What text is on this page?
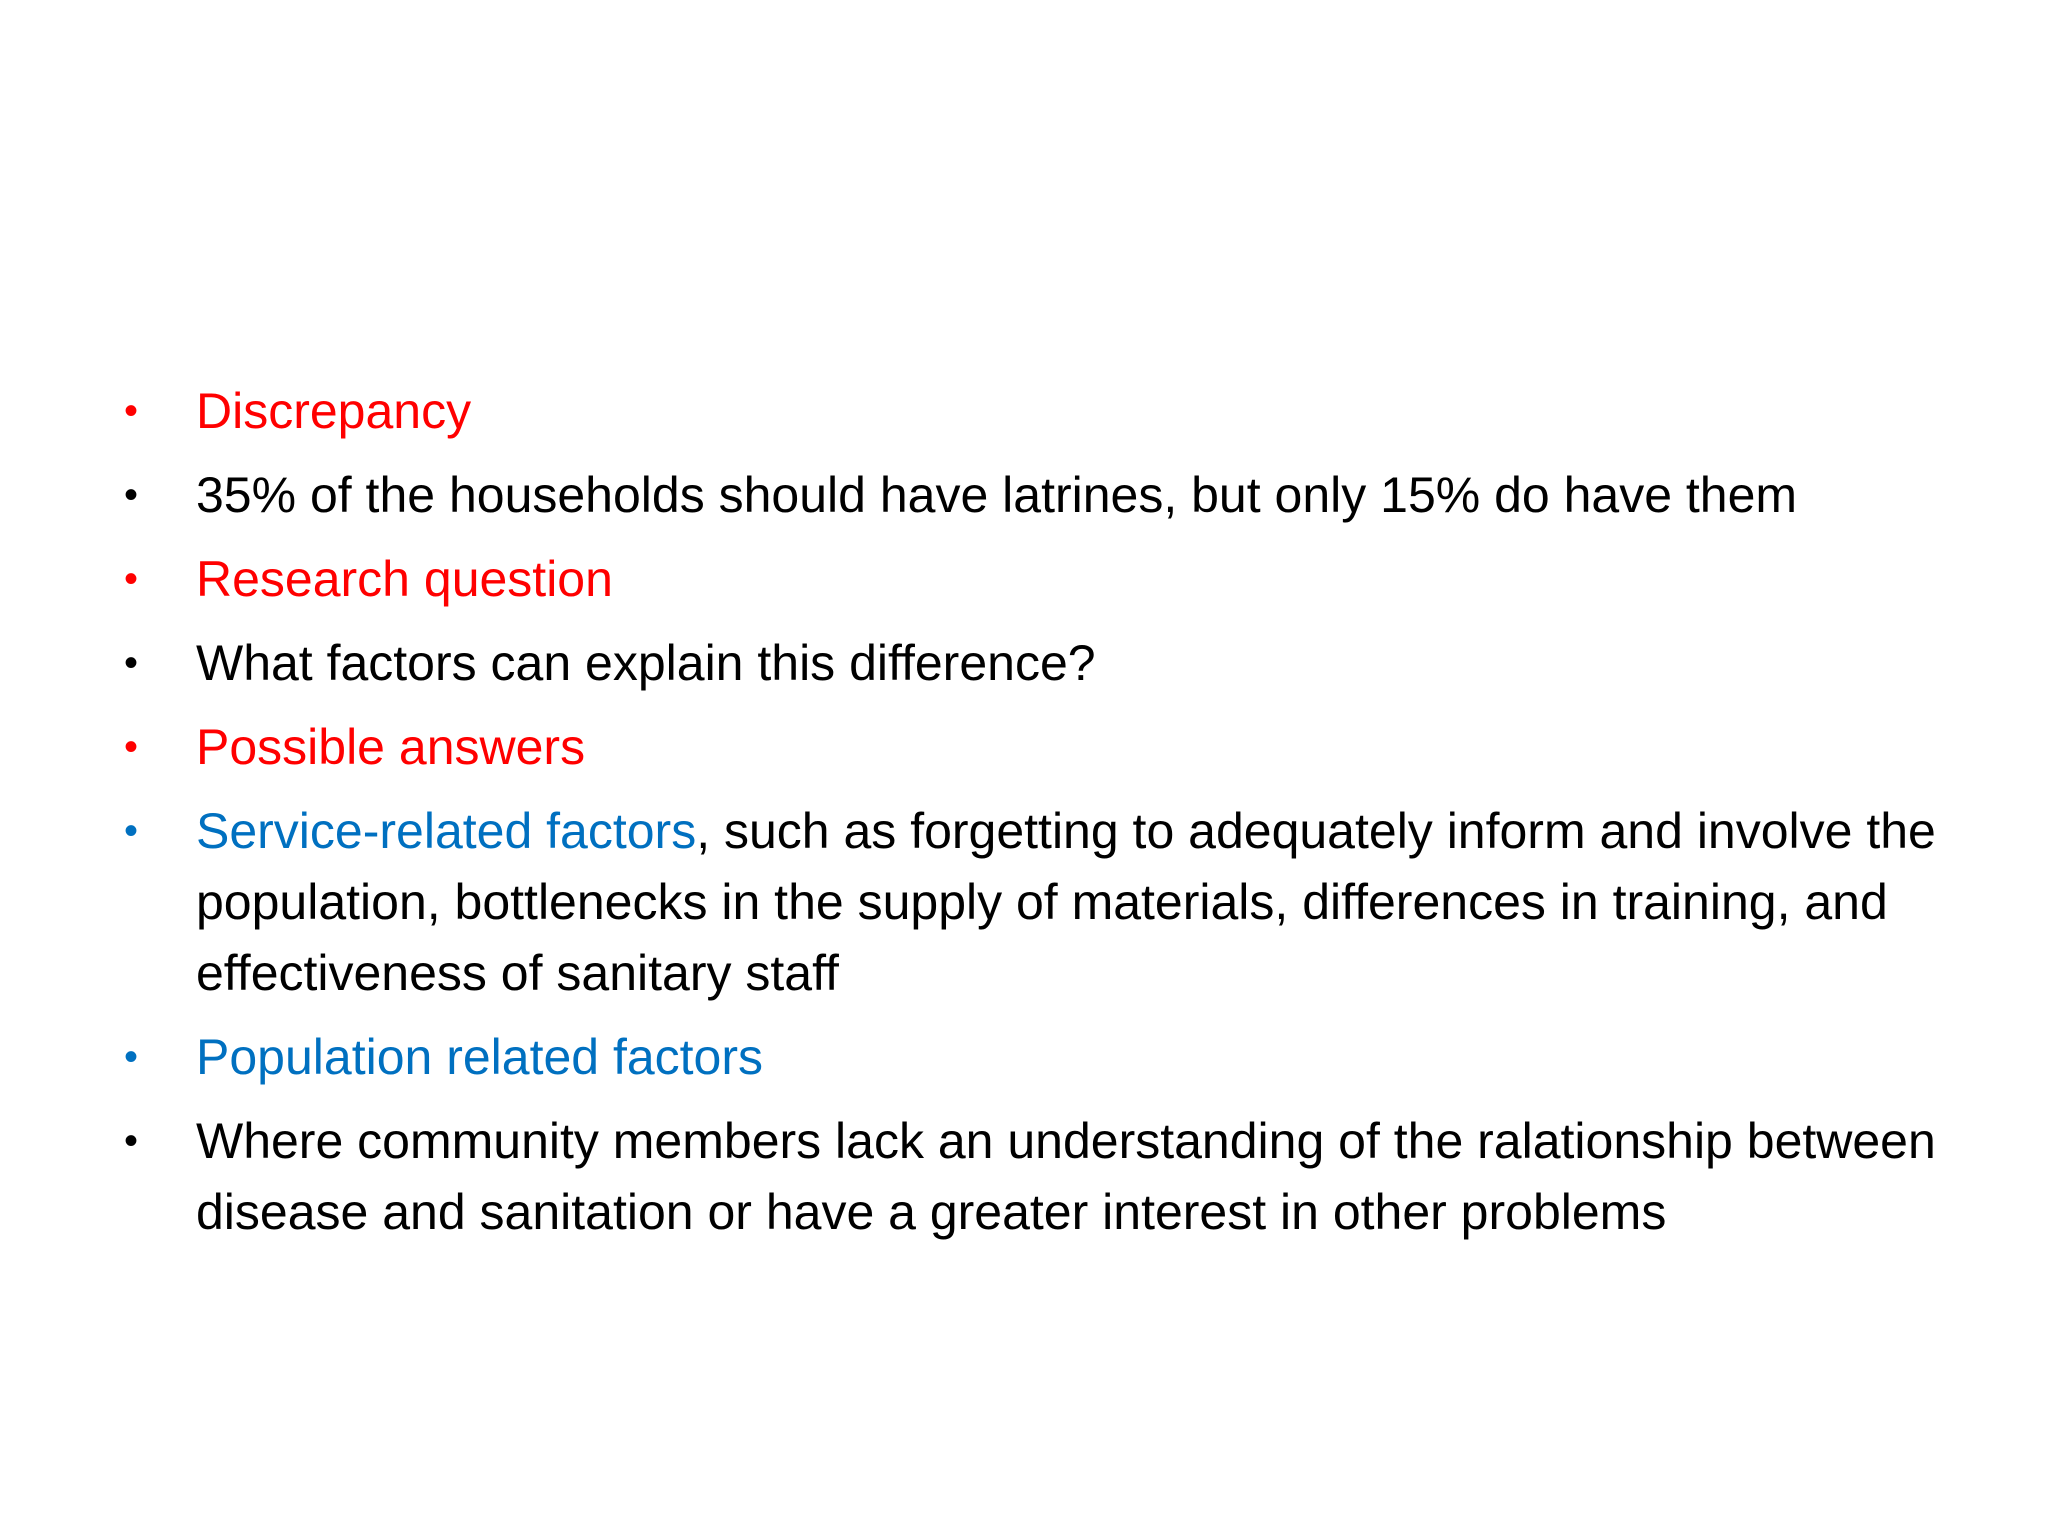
• Discrepancy
• 35% of the households should have latrines, but only 15% do have them
• Research question
• What factors can explain this difference?
• Possible answers
• Service-related factors, such as forgetting to adequately inform and involve the population, bottlenecks in the supply of materials, differences in training, and effectiveness of sanitary staff
• Population related factors
• Where community members lack an understanding of the ralationship between disease and sanitation or have a greater interest in other problems
